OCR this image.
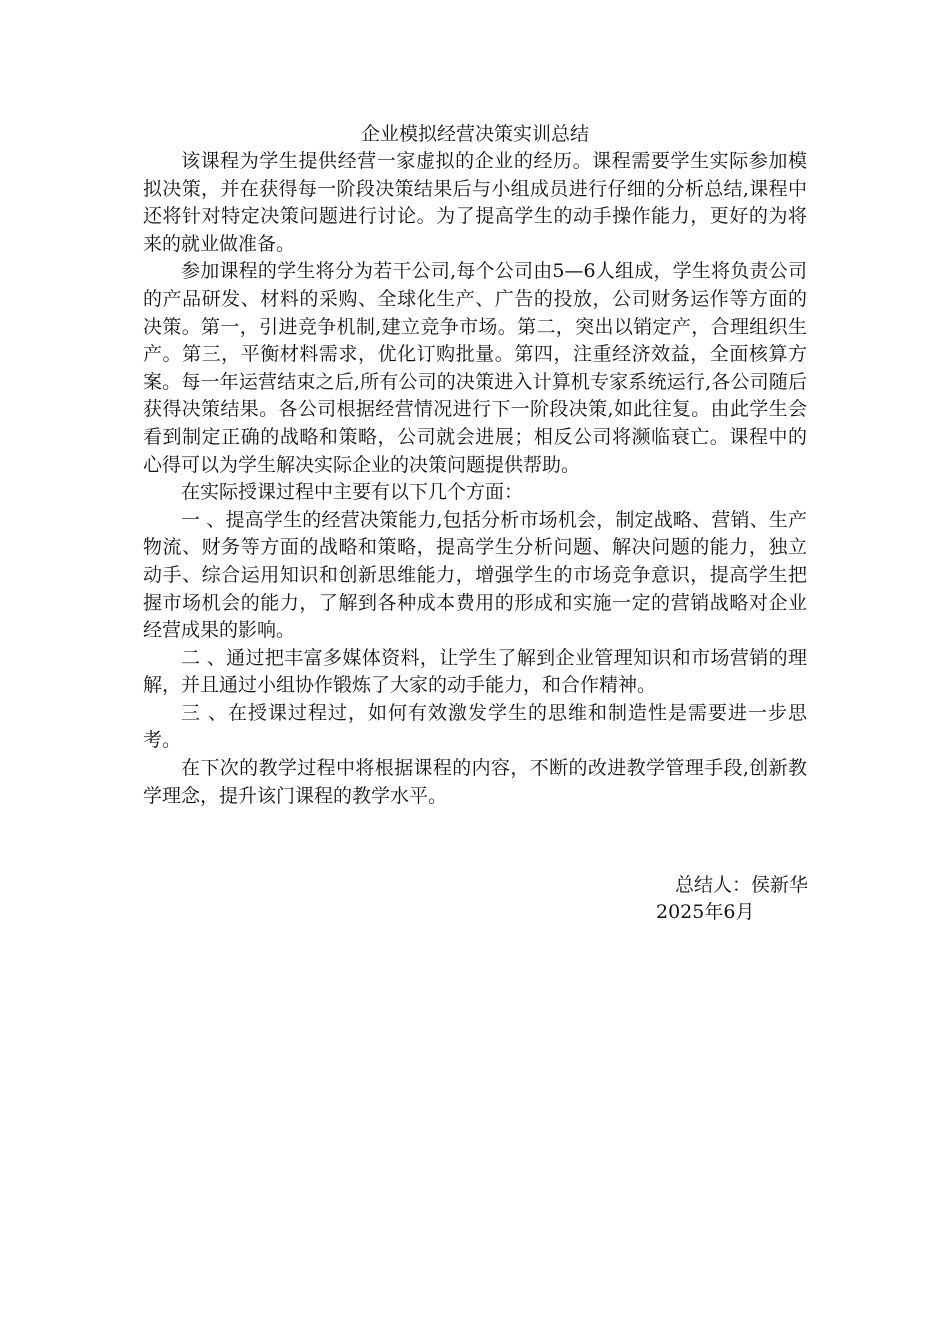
企业模拟经营决策实训总结

该课程为学生提供经营一家虚拟的企业的经历。课程需要学生实际参加模拟决策，并在获得每一阶段决策结果后与小组成员进行仔细的分析总结,课程中还将针对特定决策问题进行讨论。为了提高学生的动手操作能力，更好的为将来的就业做准备。

参加课程的学生将分为若干公司,每个公司由5—6人组成，学生将负责公司的产品研发、材料的采购、全球化生产、广告的投放，公司财务运作等方面的决策。第一，引进竞争机制,建立竞争市场。第二，突出以销定产，合理组织生产。第三，平衡材料需求，优化订购批量。第四，注重经济效益，全面核算方案。每一年运营结束之后,所有公司的决策进入计算机专家系统运行,各公司随后获得决策结果。各公司根据经营情况进行下一阶段决策,如此往复。由此学生会看到制定正确的战略和策略，公司就会进展；相反公司将濒临衰亡。课程中的心得可以为学生解决实际企业的决策问题提供帮助。

在实际授课过程中主要有以下几个方面：

一 、提高学生的经营决策能力,包括分析市场机会，制定战略、营销、生产物流、财务等方面的战略和策略，提高学生分析问题、解决问题的能力，独立动手、综合运用知识和创新思维能力，增强学生的市场竞争意识，提高学生把握市场机会的能力，了解到各种成本费用的形成和实施一定的营销战略对企业经营成果的影响。

二 、通过把丰富多媒体资料，让学生了解到企业管理知识和市场营销的理解，并且通过小组协作锻炼了大家的动手能力，和合作精神。

三 、在授课过程过，如何有效激发学生的思维和制造性是需要进一步思考。

在下次的教学过程中将根据课程的内容，不断的改进教学管理手段,创新教学理念，提升该门课程的教学水平。

总结人：侯新华
2025年6月
